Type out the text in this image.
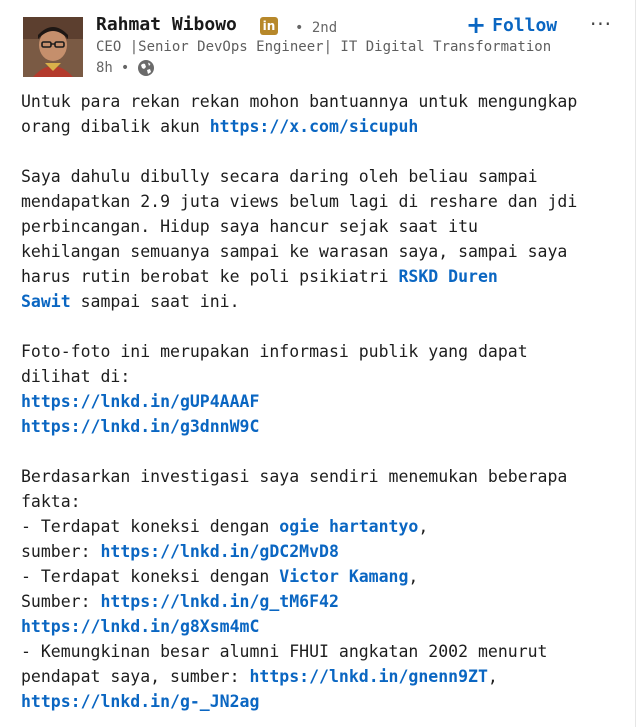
Rahmat Wibowo in • 2nd
CEO |Senior DevOps Engineer| IT Digital Transformation
8h •
+ Follow ···
Untuk para rekan rekan mohon bantuannya untuk mengungkap
orang dibalik akun https://x.com/sicupuh
Saya dahulu dibully secara daring oleh beliau sampai
mendapatkan 2.9 juta views belum lagi di reshare dan jdi
perbincangan. Hidup saya hancur sejak saat itu
kehilangan semuanya sampai ke warasan saya, sampai saya
harus rutin berobat ke poli psikiatri RSKD Duren
Sawit sampai saat ini.
Foto-foto ini merupakan informasi publik yang dapat
dilihat di:
https://lnkd.in/gUP4AAAF
https://lnkd.in/g3dnnW9C
Berdasarkan investigasi saya sendiri menemukan beberapa
fakta:
- Terdapat koneksi dengan ogie hartantyo,
sumber: https://lnkd.in/gDC2MvD8
- Terdapat koneksi dengan Victor Kamang,
Sumber: https://lnkd.in/g_tM6F42
https://lnkd.in/g8Xsm4mC
- Kemungkinan besar alumni FHUI angkatan 2002 menurut
pendapat saya, sumber: https://lnkd.in/gnenn9ZT,
https://lnkd.in/g-_JN2ag
